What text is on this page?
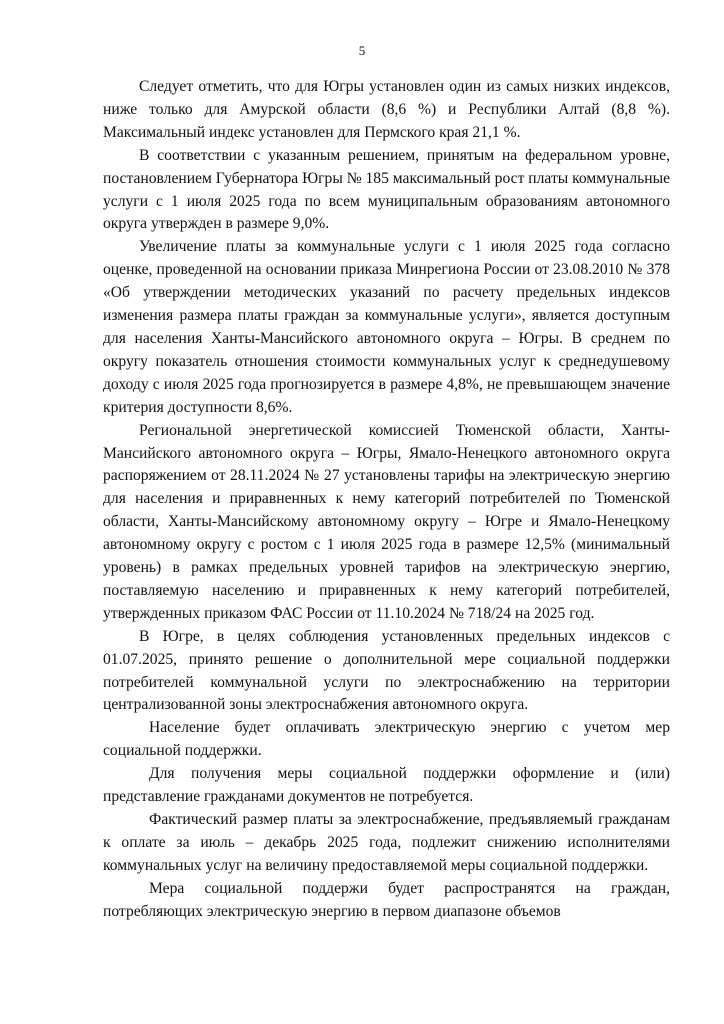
5

Следует отметить, что для Югры установлен один из самых низких индексов, ниже только для Амурской области (8,6 %) и Республики Алтай (8,8 %). Максимальный индекс установлен для Пермского края 21,1 %.

В соответствии с указанным решением, принятым на федеральном уровне, постановлением Губернатора Югры № 185 максимальный рост платы коммунальные услуги с 1 июля 2025 года по всем муниципальным образованиям автономного округа утвержден в размере 9,0%.

Увеличение платы за коммунальные услуги с 1 июля 2025 года согласно оценке, проведенной на основании приказа Минрегиона России от 23.08.2010 № 378 «Об утверждении методических указаний по расчету предельных индексов изменения размера платы граждан за коммунальные услуги», является доступным для населения Ханты-Мансийского автономного округа – Югры. В среднем по округу показатель отношения стоимости коммунальных услуг к среднедушевому доходу с июля 2025 года прогнозируется в размере 4,8%, не превышающем значение критерия доступности 8,6%.

Региональной энергетической комиссией Тюменской области, Ханты-Мансийского автономного округа – Югры, Ямало-Ненецкого автономного округа распоряжением от 28.11.2024 № 27 установлены тарифы на электрическую энергию для населения и приравненных к нему категорий потребителей по Тюменской области, Ханты-Мансийскому автономному округу – Югре и Ямало-Ненецкому автономному округу с ростом с 1 июля 2025 года в размере 12,5% (минимальный уровень) в рамках предельных уровней тарифов на электрическую энергию, поставляемую населению и приравненных к нему категорий потребителей, утвержденных приказом ФАС России от 11.10.2024 № 718/24 на 2025 год.

В Югре, в целях соблюдения установленных предельных индексов с 01.07.2025, принято решение о дополнительной мере социальной поддержки потребителей коммунальной услуги по электроснабжению на территории централизованной зоны электроснабжения автономного округа.

Население будет оплачивать электрическую энергию с учетом мер социальной поддержки.

Для получения меры социальной поддержки оформление и (или) представление гражданами документов не потребуется.

Фактический размер платы за электроснабжение, предъявляемый гражданам к оплате за июль – декабрь 2025 года, подлежит снижению исполнителями коммунальных услуг на величину предоставляемой меры социальной поддержки.

Мера социальной поддержи будет распространятся на граждан, потребляющих электрическую энергию в первом диапазоне объемов
